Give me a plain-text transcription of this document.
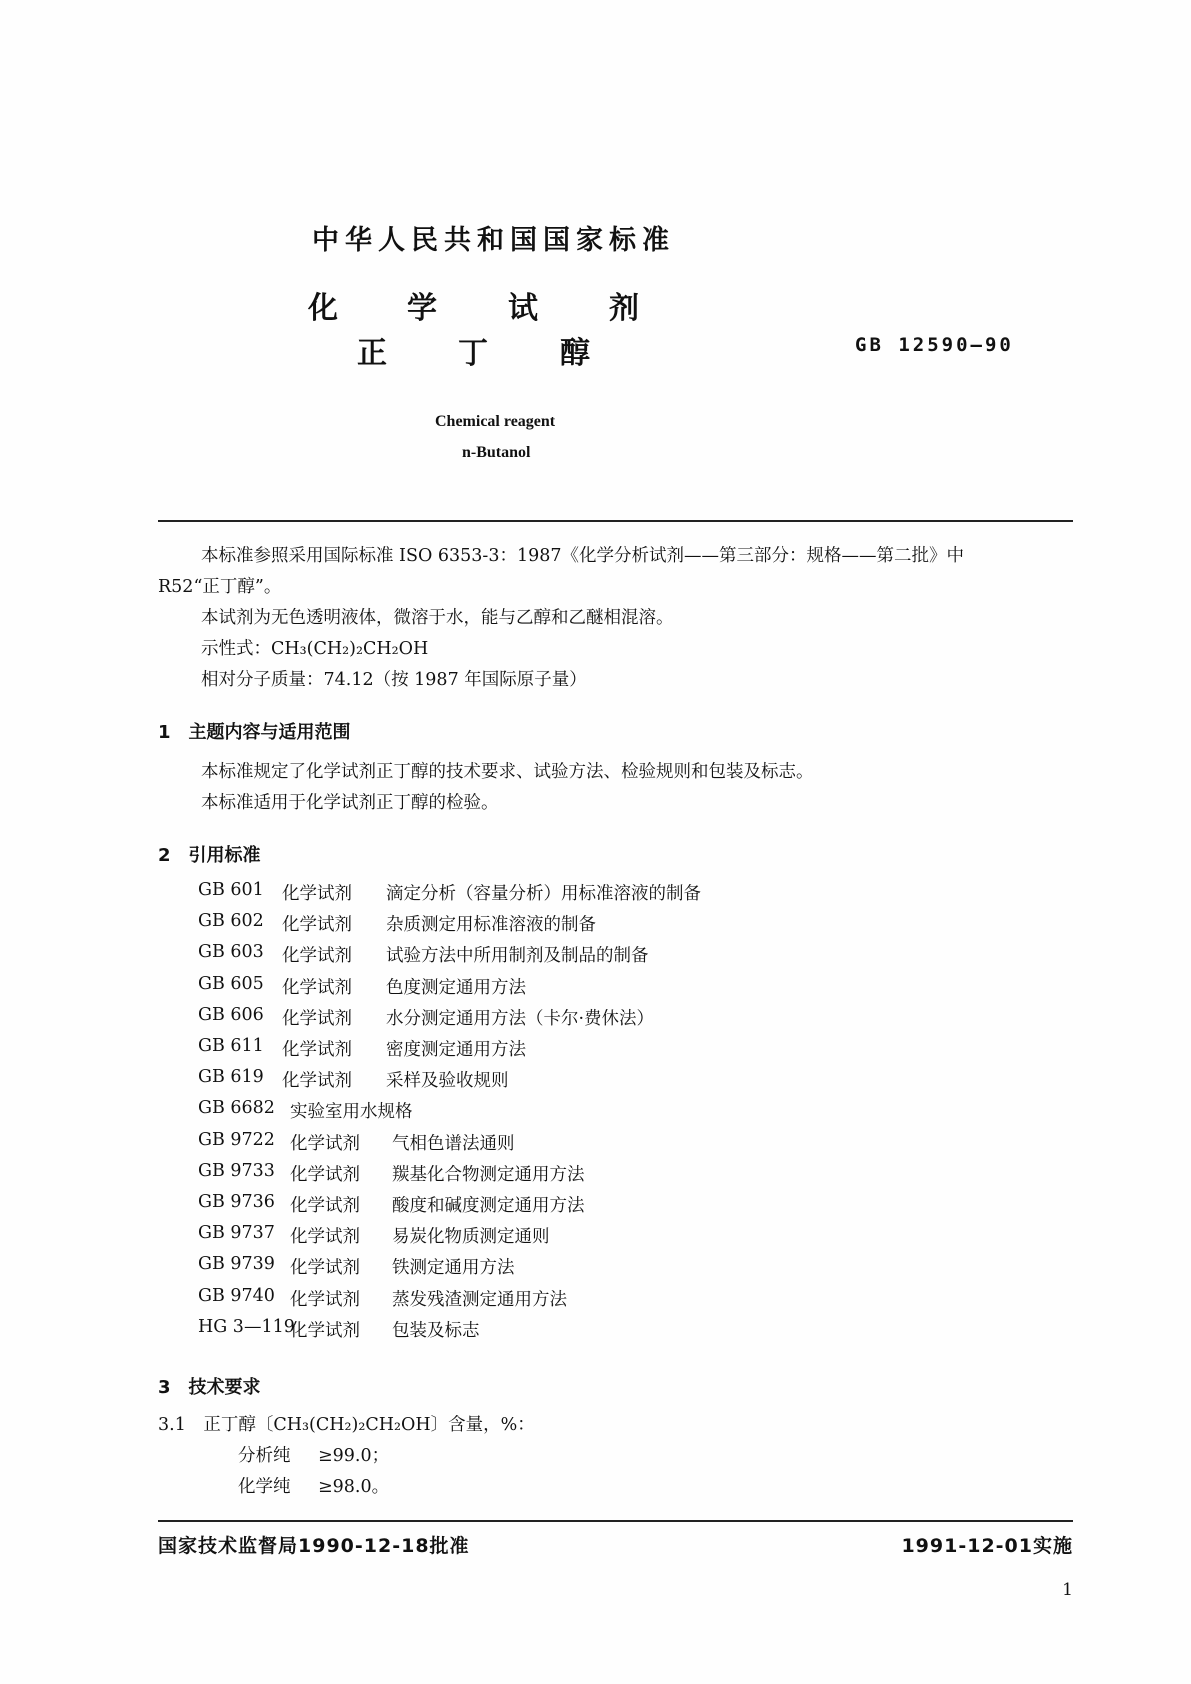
中华人民共和国国家标准
化 学 试 剂
正 丁 醇	GB 12590—90
Chemical reagent
n-Butanol
本标准参照采用国际标准 ISO 6353-3：1987《化学分析试剂——第三部分：规格——第二批》中
R52“正丁醇”。
本试剂为无色透明液体，微溶于水，能与乙醇和乙醚相混溶。
示性式：CH₃(CH₂)₂CH₂OH
相对分子质量：74.12（按 1987 年国际原子量）
1　主题内容与适用范围
本标准规定了化学试剂正丁醇的技术要求、试验方法、检验规则和包装及标志。
本标准适用于化学试剂正丁醇的检验。
2　引用标准
GB 601 化学试剂 滴定分析（容量分析）用标准溶液的制备
GB 602 化学试剂 杂质测定用标准溶液的制备
GB 603 化学试剂 试验方法中所用制剂及制品的制备
GB 605 化学试剂 色度测定通用方法
GB 606 化学试剂 水分测定通用方法（卡尔·费休法）
GB 611 化学试剂 密度测定通用方法
GB 619 化学试剂 采样及验收规则
GB 6682 实验室用水规格
GB 9722 化学试剂 气相色谱法通则
GB 9733 化学试剂 羰基化合物测定通用方法
GB 9736 化学试剂 酸度和碱度测定通用方法
GB 9737 化学试剂 易炭化物质测定通则
GB 9739 化学试剂 铁测定通用方法
GB 9740 化学试剂 蒸发残渣测定通用方法
HG 3—119
化学试剂 包装及标志
3　技术要求
3.1　正丁醇〔CH₃(CH₂)₂CH₂OH〕含量，%：
分析纯 ≥99.0；
化学纯 ≥98.0。
国家技术监督局1990-12-18批准	1991-12-01实施
1
